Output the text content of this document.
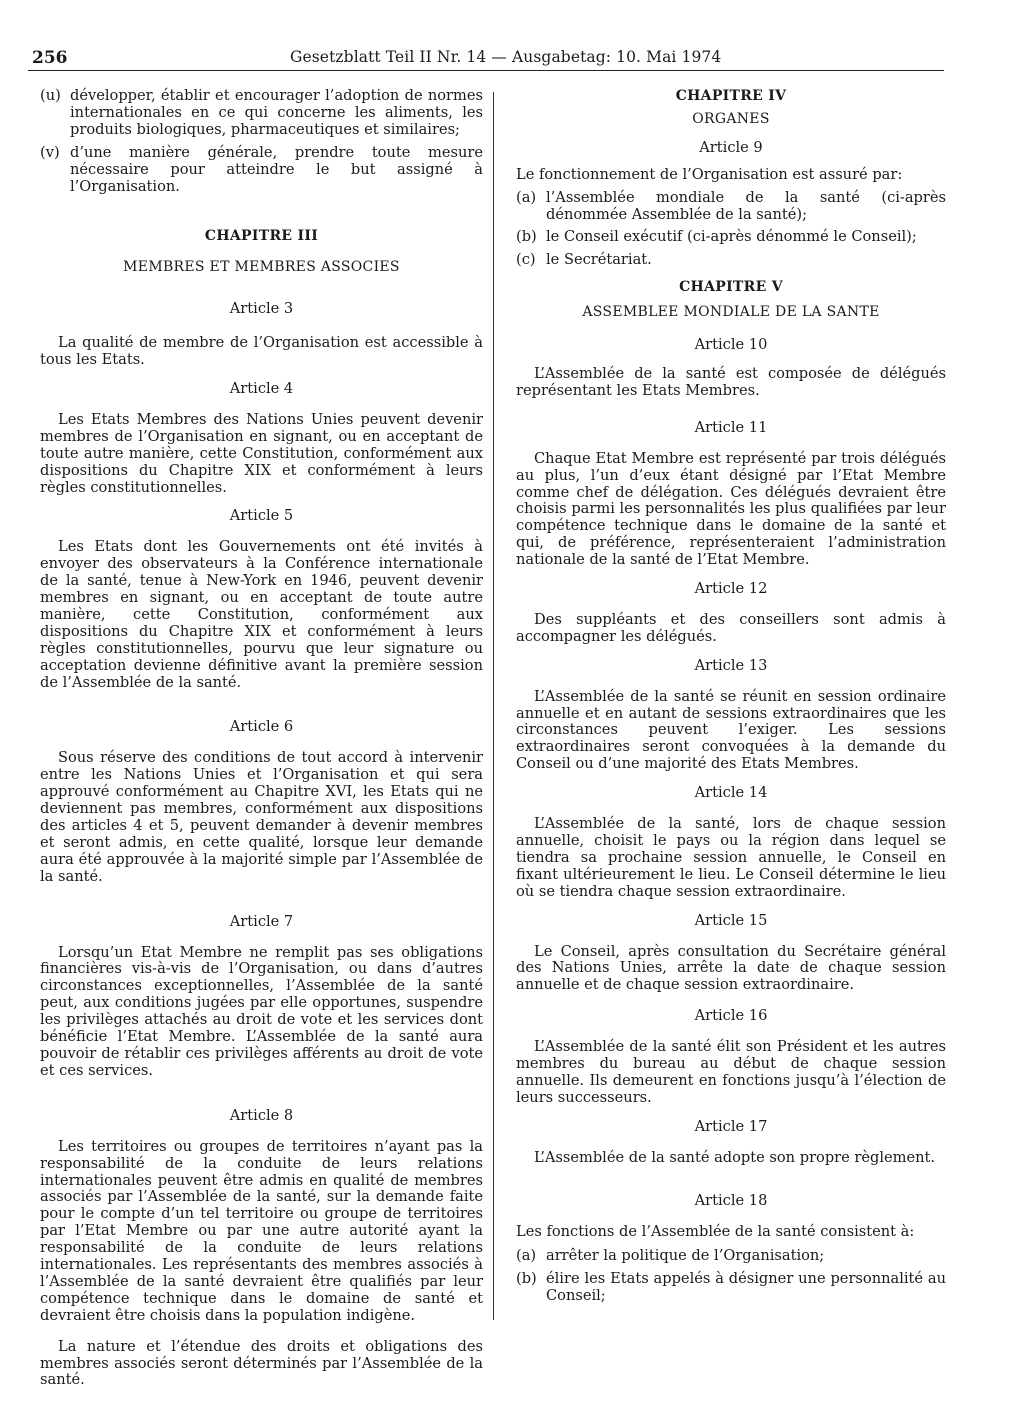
256	Gesetzblatt Teil II Nr. 14 — Ausgabetag: 10. Mai 1974
(u) développer, établir et encourager l’adoption de normes internationales en ce qui concerne les aliments, les produits biologiques, pharmaceutiques et similaires;
(v) d’une manière générale, prendre toute mesure nécessaire pour atteindre le but assigné à l’Organisation.
CHAPITRE III
MEMBRES ET MEMBRES ASSOCIES
Article 3

La qualité de membre de l’Organisation est accessible à tous les Etats.

Article 4

Les Etats Membres des Nations Unies peuvent devenir membres de l’Organisation en signant, ou en acceptant de toute autre manière, cette Constitution, conformément aux dispositions du Chapitre XIX et conformément à leurs règles constitutionnelles.

Article 5

Les Etats dont les Gouvernements ont été invités à envoyer des observateurs à la Conférence internationale de la santé, tenue à New-York en 1946, peuvent devenir membres en signant, ou en acceptant de toute autre manière, cette Constitution, conformément aux dispositions du Chapitre XIX et conformément à leurs règles constitutionnelles, pourvu que leur signature ou acceptation devienne définitive avant la première session de l’Assemblée de la santé.

Article 6

Sous réserve des conditions de tout accord à intervenir entre les Nations Unies et l’Organisation et qui sera approuvé conformément au Chapitre XVI, les Etats qui ne deviennent pas membres, conformément aux dispositions des articles 4 et 5, peuvent demander à devenir membres et seront admis, en cette qualité, lorsque leur demande aura été approuvée à la majorité simple par l’Assemblée de la santé.

Article 7

Lorsqu’un Etat Membre ne remplit pas ses obligations financières vis-à-vis de l’Organisation, ou dans d’autres circonstances exceptionnelles, l’Assemblée de la santé peut, aux conditions jugées par elle opportunes, suspendre les privilèges attachés au droit de vote et les services dont bénéficie l’Etat Membre. L’Assemblée de la santé aura pouvoir de rétablir ces privilèges afférents au droit de vote et ces services.

Article 8

Les territoires ou groupes de territoires n’ayant pas la responsabilité de la conduite de leurs relations internationales peuvent être admis en qualité de membres associés par l’Assemblée de la santé, sur la demande faite pour le compte d’un tel territoire ou groupe de territoires par l’Etat Membre ou par une autre autorité ayant la responsabilité de la conduite de leurs relations internationales. Les représentants des membres associés à l’Assemblée de la santé devraient être qualifiés par leur compétence technique dans le domaine de santé et devraient être choisis dans la population indigène.

La nature et l’étendue des droits et obligations des membres associés seront déterminés par l’Assemblée de la santé.

CHAPITRE IV
ORGANES
Article 9

Le fonctionnement de l’Organisation est assuré par:

(a) l’Assemblée mondiale de la santé (ci-après dénommée Assemblée de la santé);
(b) le Conseil exécutif (ci-après dénommé le Conseil);
(c) le Secrétariat.
CHAPITRE V
ASSEMBLEE MONDIALE DE LA SANTE
Article 10

L’Assemblée de la santé est composée de délégués représentant les Etats Membres.

Article 11

Chaque Etat Membre est représenté par trois délégués au plus, l’un d’eux étant désigné par l’Etat Membre comme chef de délégation. Ces délégués devraient être choisis parmi les personnalités les plus qualifiées par leur compétence technique dans le domaine de la santé et qui, de préférence, représenteraient l’administration nationale de la santé de l’Etat Membre.

Article 12

Des suppléants et des conseillers sont admis à accompagner les délégués.

Article 13

L’Assemblée de la santé se réunit en session ordinaire annuelle et en autant de sessions extraordinaires que les circonstances peuvent l’exiger. Les sessions extraordinaires seront convoquées à la demande du Conseil ou d’une majorité des Etats Membres.

Article 14

L’Assemblée de la santé, lors de chaque session annuelle, choisit le pays ou la région dans lequel se tiendra sa prochaine session annuelle, le Conseil en fixant ultérieurement le lieu. Le Conseil détermine le lieu où se tiendra chaque session extraordinaire.

Article 15

Le Conseil, après consultation du Secrétaire général des Nations Unies, arrête la date de chaque session annuelle et de chaque session extraordinaire.

Article 16

L’Assemblée de la santé élit son Président et les autres membres du bureau au début de chaque session annuelle. Ils demeurent en fonctions jusqu’à l’élection de leurs successeurs.

Article 17

L’Assemblée de la santé adopte son propre règlement.

Article 18

Les fonctions de l’Assemblée de la santé consistent à:

(a) arrêter la politique de l’Organisation;
(b) élire les Etats appelés à désigner une personnalité au Conseil;
